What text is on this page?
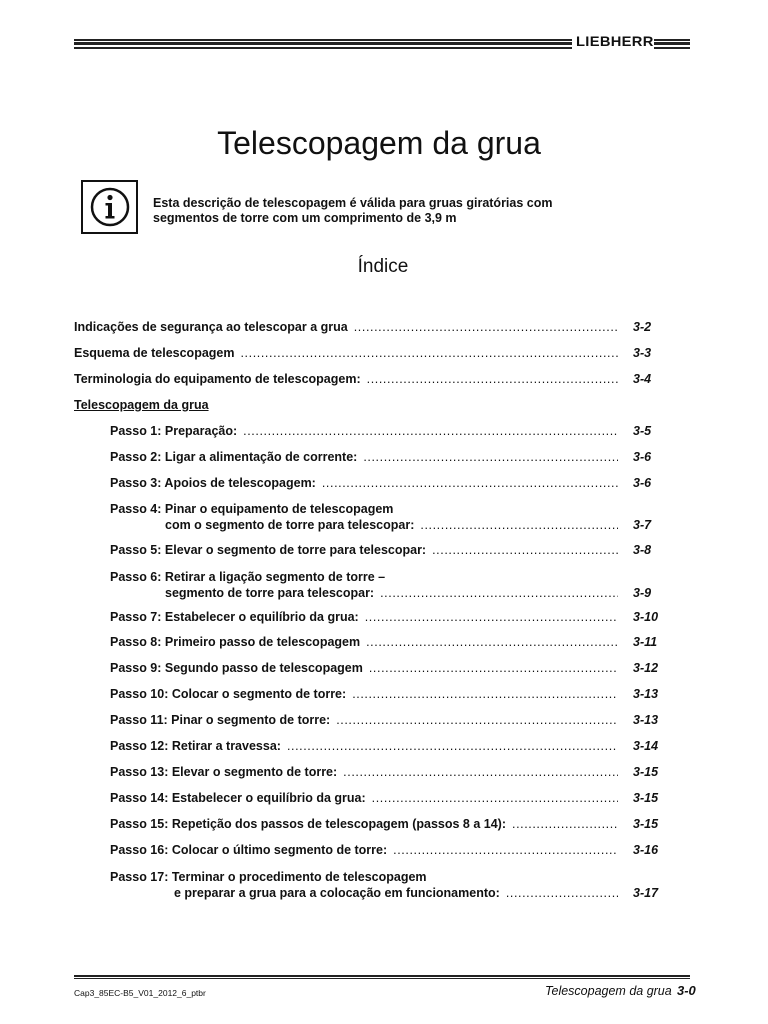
LIEBHERR
Telescopagem da grua
Esta descrição de telescopagem é válida para gruas giratórias com
segmentos de torre com um comprimento de 3,9 m
Índice
Indicações de segurança ao telescopar a grua .....	3-2
Esquema de telescopagem .....	3-3
Terminologia do equipamento de telescopagem: .....	3-4
Telescopagem da grua
Passo 1: Preparação: .....	3-5
Passo 2: Ligar a alimentação de corrente: .....	3-6
Passo 3: Apoios de telescopagem: .....	3-6
Passo 4: Pinar o equipamento de telescopagem
com o segmento de torre para telescopar: .....	3-7
Passo 5: Elevar o segmento de torre para telescopar: .....	3-8
Passo 6: Retirar a ligação segmento de torre –
segmento de torre para telescopar: .....	3-9
Passo 7: Estabelecer o equilíbrio da grua: .....	3-10
Passo 8: Primeiro passo de telescopagem .....	3-11
Passo 9: Segundo passo de telescopagem .....	3-12
Passo 10: Colocar o segmento de torre: .....	3-13
Passo 11: Pinar o segmento de torre: .....	3-13
Passo 12: Retirar a travessa: .....	3-14
Passo 13: Elevar o segmento de torre: .....	3-15
Passo 14: Estabelecer o equilíbrio da grua: .....	3-15
Passo 15: Repetição dos passos de telescopagem (passos 8 a 14): .....	3-15
Passo 16: Colocar o último segmento de torre: .....	3-16
Passo 17: Terminar o procedimento de telescopagem
e preparar a grua para a colocação em funcionamento: .....	3-17
Cap3_85EC-B5_V01_2012_6_ptbr	Telescopagem da grua 3-0
